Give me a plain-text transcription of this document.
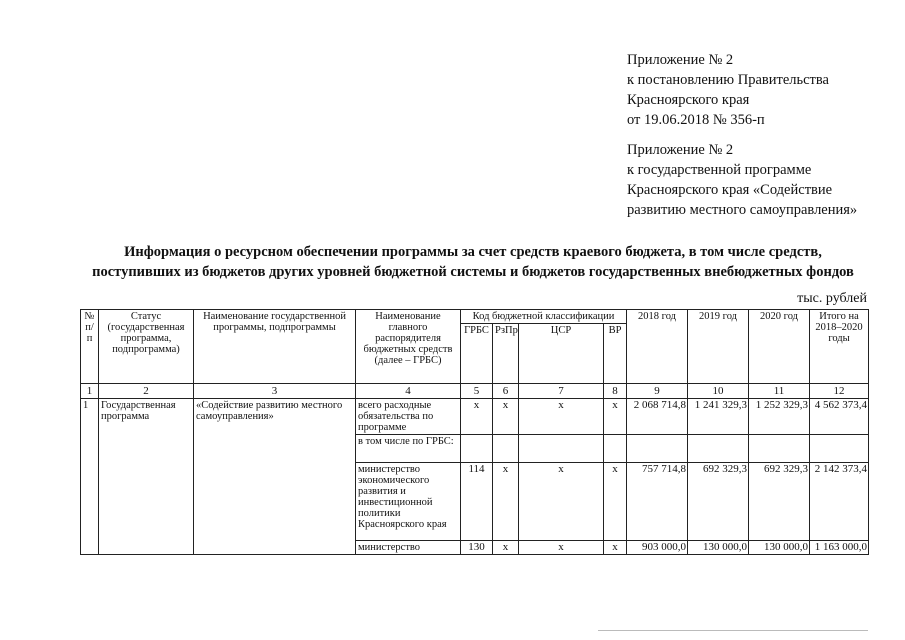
Приложение № 2
к постановлению Правительства
Красноярского края
от 19.06.2018 № 356-п
Приложение № 2
к государственной программе
Красноярского края «Содействие
развитию местного самоуправления»
Информация о ресурсном обеспечении программы за счет средств краевого бюджета, в том числе средств,
поступивших из бюджетов других уровней бюджетной системы и бюджетов государственных внебюджетных фондов
тыс. рублей
№ п/п	Статус (государственная программа, подпрограмма)	Наименование государственной программы, подпрограммы	Наименование главного распорядителя бюджетных средств (далее – ГРБС)	Код бюджетной классификации				2018 год	2019 год	2020 год	Итого на 2018–2020 годы
				ГРБС	РзПр	ЦСР	ВР				
1	2	3	4	5	6	7	8	9	10	11	12
1	Государственная программа	«Содействие развитию местного самоуправления»	всего расходные обязательства по программе	х	х	х	х	2 068 714,8	1 241 329,3	1 252 329,3	4 562 373,4
			в том числе по ГРБС:								
			министерство экономического развития и инвестиционной политики Красноярского края	114	х	х	х	757 714,8	692 329,3	692 329,3	2 142 373,4
			министерство	130	х	х	х	903 000,0	130 000,0	130 000,0	1 163 000,0
